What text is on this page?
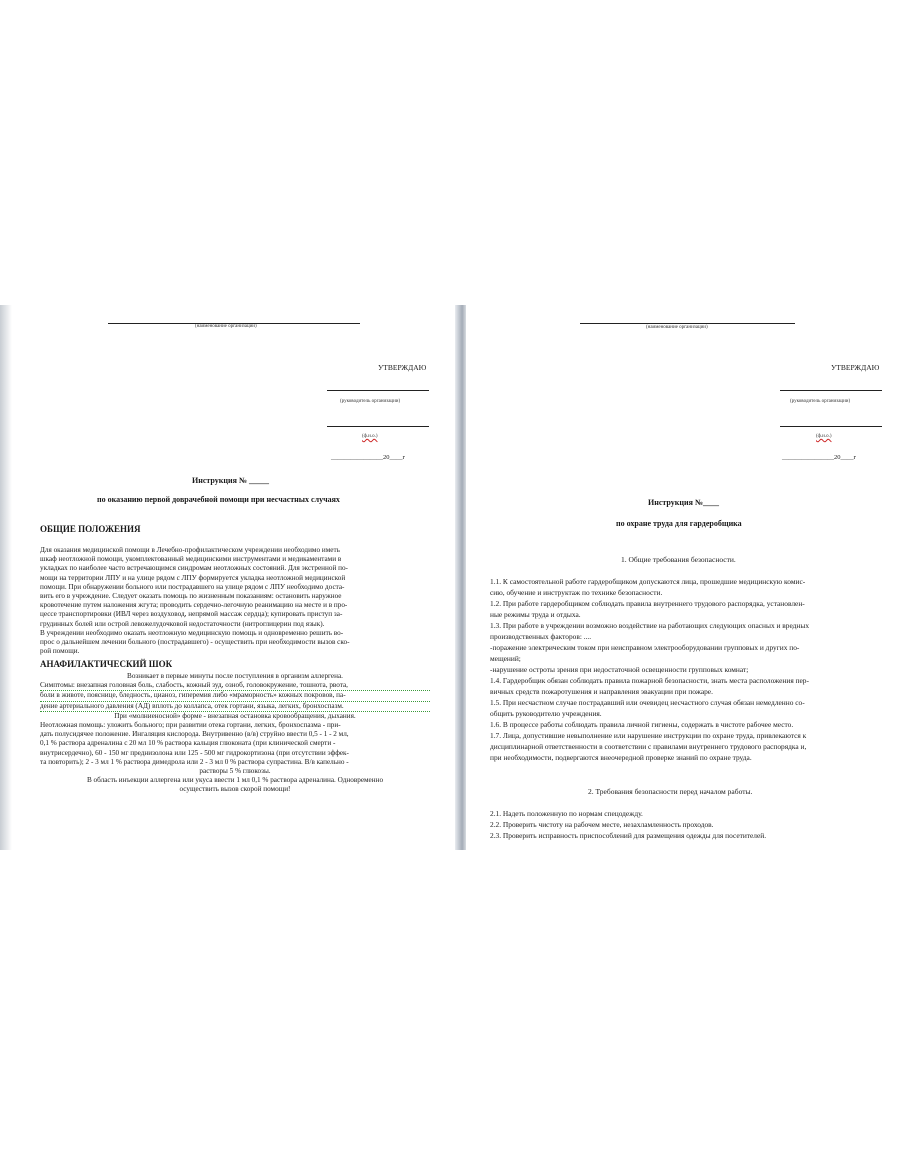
(наименование организации)
УТВЕРЖДАЮ
(руководитель организации)
(ф.и.о.)
________________20____г
Инструкция № _____
по оказанию первой доврачебной помощи при несчастных случаях
ОБЩИЕ ПОЛОЖЕНИЯ
Для оказания медицинской помощи в Лечебно-профилактическом учреждении необходимо иметь
шкаф неотложной помощи, укомплектованный медицинскими инструментами и медикаментами в
укладках по наиболее часто встречающимся синдромам неотложных состояний. Для экстренной по-
мощи на территории ЛПУ и на улице рядом с ЛПУ формируется укладка неотложной медицинской
помощи. При обнаружении больного или пострадавшего на улице рядом с ЛПУ необходимо доста-
вить его в учреждение. Следует оказать помощь по жизненным показаниям: остановить наружное
кровотечение путем наложения жгута; проводить сердечно-легочную реанимацию на месте и в про-
цессе транспортировки (ИВЛ через воздуховод, непрямой массаж сердца); купировать приступ за-
грудинных болей или острой левожелудочковой недостаточности (нитроглицерин под язык).
В учреждении необходимо оказать неотложную медицинскую помощь и одновременно решить во-
прос о дальнейшем лечении больного (пострадавшего) - осуществить при необходимости вызов ско-
рой помощи.
АНАФИЛАКТИЧЕСКИЙ ШОК
Возникает в первые минуты после поступления в организм аллергена.
Симптомы: внезапная головная боль, слабость, кожный зуд, озноб, головокружение, тошнота, рвота,
боли в животе, поясницe, бледность, цианоз, гиперемия либо «мраморность» кожных покровов, па-
дение артериального давления (АД) вплоть до коллапса, отек гортани, языка, легких, бронхоспазм.
При «молниеносной» форме - внезапная остановка кровообращения, дыхания.
Неотложная помощь: уложить больного; при развитии отека гортани, легких, бронхоспазма - при-
дать полусидячее положение. Ингаляция кислорода. Внутривенно (в/в) струйно ввести 0,5 - 1 - 2 мл,
0,1 % раствора адреналина с 20 мл 10 % раствора кальция глюконата (при клинической смерти -
внутрисердечно), 60 - 150 мг преднизолона или 125 - 500 мг гидрокортизона (при отсутствии эффек-
та повторить); 2 - 3 мл 1 % раствора димедрола или 2 - 3 мл 0 % раствора супрастина. В/в капельно -
растворы 5 % глюкозы.
В область инъекции аллергена или укуса ввести 1 мл 0,1 % раствора адреналина. Одновременно
осуществить вызов скорой помощи!
(наименование организации)
УТВЕРЖДАЮ
(руководитель организации)
(ф.и.о.)
________________20____г
Инструкция №____
по охране труда для гардеробщика
1. Общие требования безопасности.
1.1. К самостоятельной работе гардеробщиком допускаются лица, прошедшие медицинскую комис-
сию, обучение и инструктаж по технике безопасности.
1.2. При работе гардеробщиком соблюдать правила внутреннего трудового распорядка, установлен-
ные режимы труда и отдыха.
1.3. При работе в учреждении возможно воздействие на работающих следующих опасных и вредных
производственных факторов: ....
-поражение электрическим током при неисправном электрооборудовании групповых и других по-
мещений;
-нарушение остроты зрения при недостаточной освещенности групповых комнат;
1.4. Гардеробщик обязан соблюдать правила пожарной безопасности, знать места расположения пер-
вичных средств пожаротушения и направления эвакуации при пожаре.
1.5. При несчастном случае пострадавший или очевидец несчастного случая обязан немедленно со-
общить руководителю учреждения.
1.6. В процессе работы соблюдать правила личной гигиены, содержать в чистоте рабочее место.
1.7. Лица, допустившие невыполнение или нарушение инструкции по охране труда, привлекаются к
дисциплинарной ответственности в соответствии с правилами внутреннего трудового распорядка и,
при необходимости, подвергаются внеочередной проверке знаний по охране труда.
2. Требования безопасности перед началом работы.
2.1. Надеть положенную по нормам спецодежду.
2.2. Проверить чистоту на рабочем месте, незахламленность проходов.
2.3. Проверить исправность приспособлений для размещения одежды для посетителей.
